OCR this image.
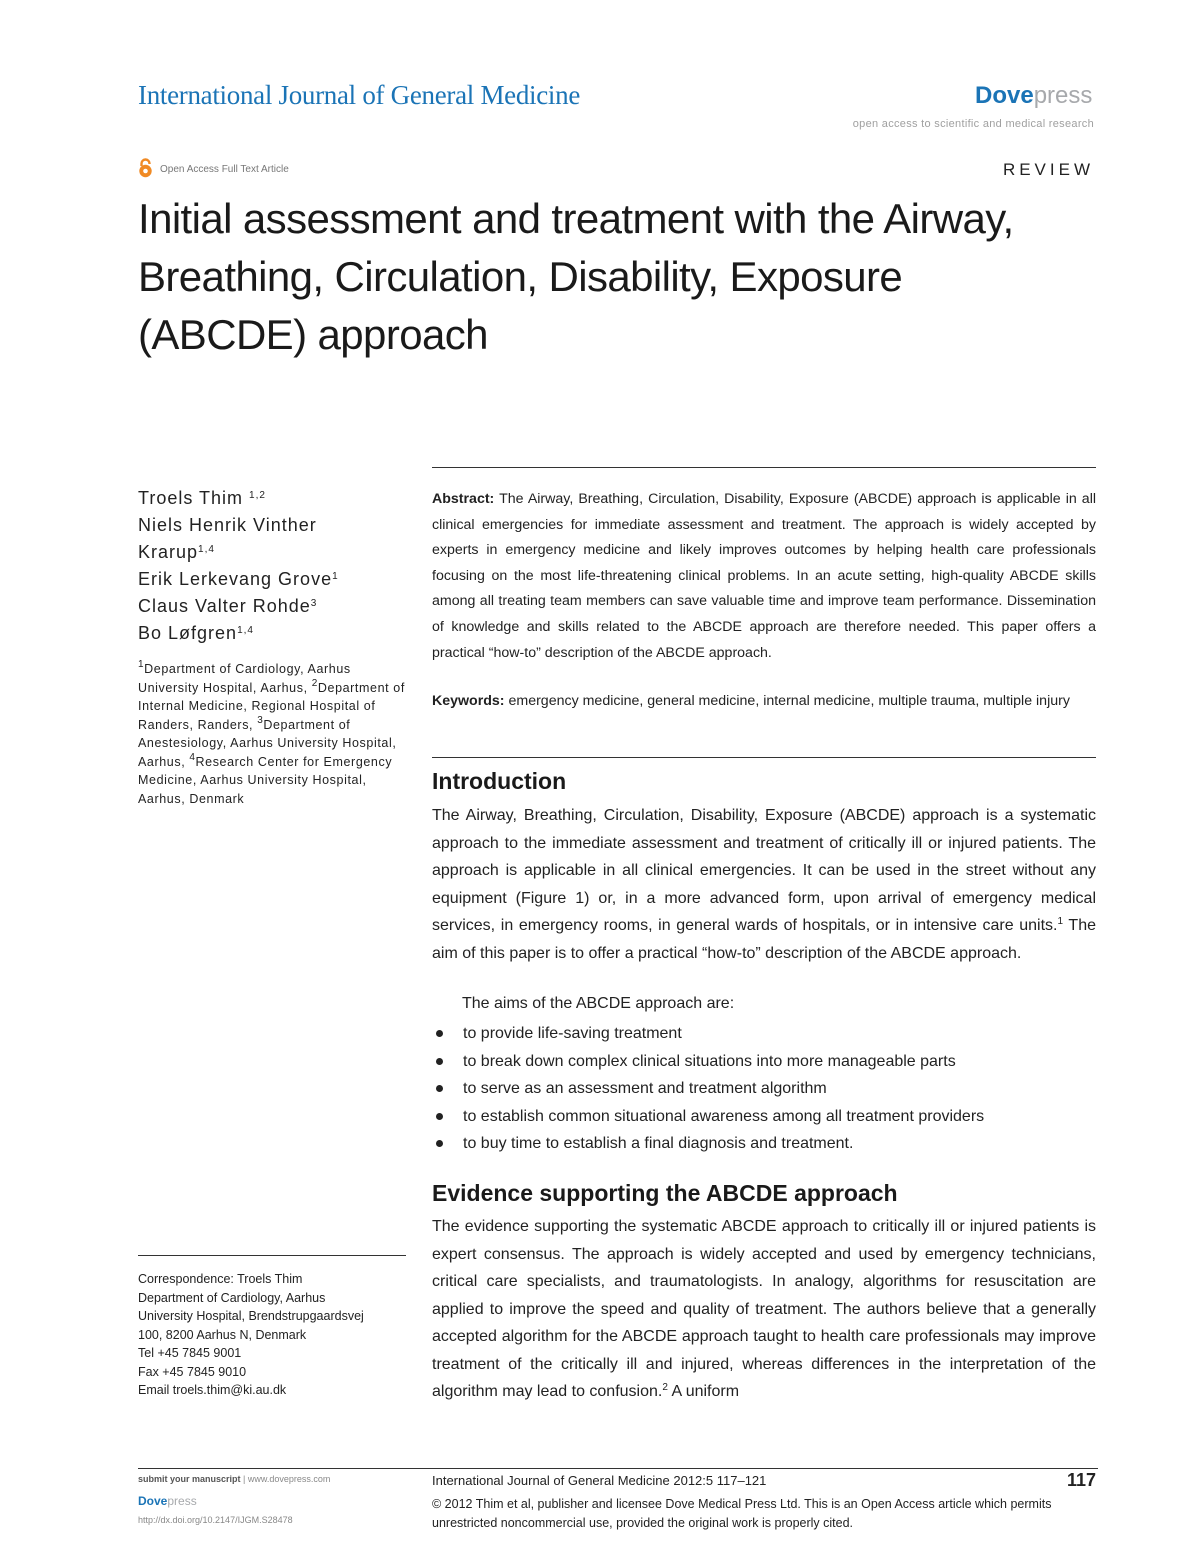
International Journal of General Medicine	Dovepress
open access to scientific and medical research
Open Access Full Text Article	REVIEW
Initial assessment and treatment with the Airway,
Breathing, Circulation, Disability, Exposure
(ABCDE) approach
Troels Thim $^{1,2}$
Niels Henrik Vinther
Krarup$^{1,4}$
Erik Lerkevang Grove$^1$
Claus Valter Rohde$^3$
Bo Løfgren$^{1,4}$
$^1$Department of Cardiology, Aarhus University Hospital, Aarhus, $^2$Department of Internal Medicine, Regional Hospital of Randers, Randers, $^3$Department of Anestesiology, Aarhus University Hospital, Aarhus, $^4$Research Center for Emergency Medicine, Aarhus University Hospital, Aarhus, Denmark
Correspondence: Troels Thim
Department of Cardiology, Aarhus
University Hospital, Brendstrupgaardsvej
100, 8200 Aarhus N, Denmark
Tel +45 7845 9001
Fax +45 7845 9010
Email troels.thim@ki.au.dk
Abstract: The Airway, Breathing, Circulation, Disability, Exposure (ABCDE) approach is applicable in all clinical emergencies for immediate assessment and treatment. The approach is widely accepted by experts in emergency medicine and likely improves outcomes by helping health care professionals focusing on the most life-threatening clinical problems. In an acute setting, high-quality ABCDE skills among all treating team members can save valuable time and improve team performance. Dissemination of knowledge and skills related to the ABCDE approach are therefore needed. This paper offers a practical “how-to” description of the ABCDE approach.
Keywords: emergency medicine, general medicine, internal medicine, multiple trauma, multiple injury
Introduction
The Airway, Breathing, Circulation, Disability, Exposure (ABCDE) approach is a systematic approach to the immediate assessment and treatment of critically ill or injured patients. The approach is applicable in all clinical emergencies. It can be used in the street without any equipment (Figure 1) or, in a more advanced form, upon arrival of emergency medical services, in emergency rooms, in general wards of hospitals, or in intensive care units.$^1$ The aim of this paper is to offer a practical “how-to” description of the ABCDE approach.
The aims of the ABCDE approach are:
to provide life-saving treatment
to break down complex clinical situations into more manageable parts
to serve as an assessment and treatment algorithm
to establish common situational awareness among all treatment providers
to buy time to establish a final diagnosis and treatment.
Evidence supporting the ABCDE approach
The evidence supporting the systematic ABCDE approach to critically ill or injured patients is expert consensus. The approach is widely accepted and used by emergency technicians, critical care specialists, and traumatologists. In analogy, algorithms for resuscitation are applied to improve the speed and quality of treatment. The authors believe that a generally accepted algorithm for the ABCDE approach taught to health care professionals may improve treatment of the critically ill and injured, whereas differences in the interpretation of the algorithm may lead to confusion.$^2$ A uniform
submit your manuscript | www.dovepress.com
Dovepress
http://dx.doi.org/10.2147/IJGM.S28478
International Journal of General Medicine 2012:5 117–121	117
© 2012 Thim et al, publisher and licensee Dove Medical Press Ltd. This is an Open Access article which permits unrestricted noncommercial use, provided the original work is properly cited.
